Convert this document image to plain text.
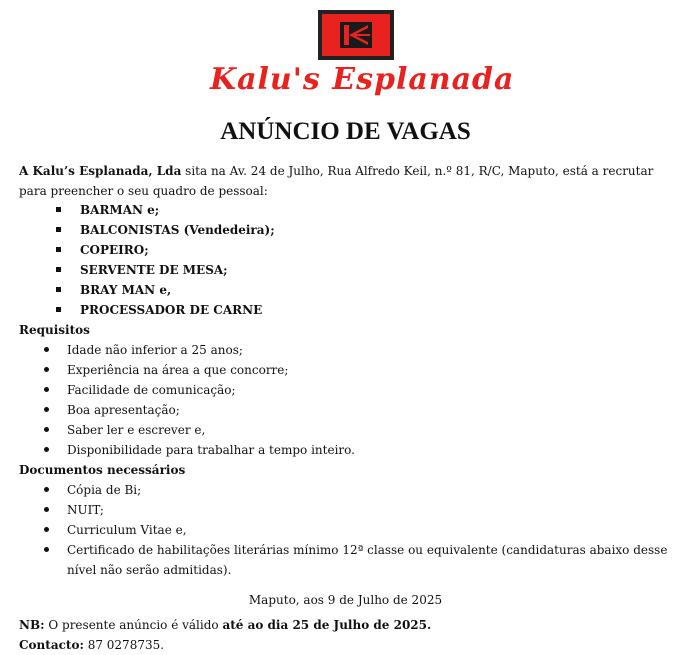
Kalu's Esplanada
ANÚNCIO DE VAGAS
A Kalu’s Esplanada, Lda sita na Av. 24 de Julho, Rua Alfredo Keil, n.º 81, R/C, Maputo, está a recrutar para preencher o seu quadro de pessoal:
BARMAN e;
BALCONISTAS (Vendedeira);
COPEIRO;
SERVENTE DE MESA;
BRAY MAN e,
PROCESSADOR DE CARNE
Requisitos
Idade não inferior a 25 anos;
Experiência na área a que concorre;
Facilidade de comunicação;
Boa apresentação;
Saber ler e escrever e,
Disponibilidade para trabalhar a tempo inteiro.
Documentos necessários
Cópia de Bi;
NUIT;
Curriculum Vitae e,
Certificado de habilitações literárias mínimo 12ª classe ou equivalente (candidaturas abaixo desse nível não serão admitidas).
Maputo, aos 9 de Julho de 2025
NB: O presente anúncio é válido até ao dia 25 de Julho de 2025.
Contacto: 87 0278735.
